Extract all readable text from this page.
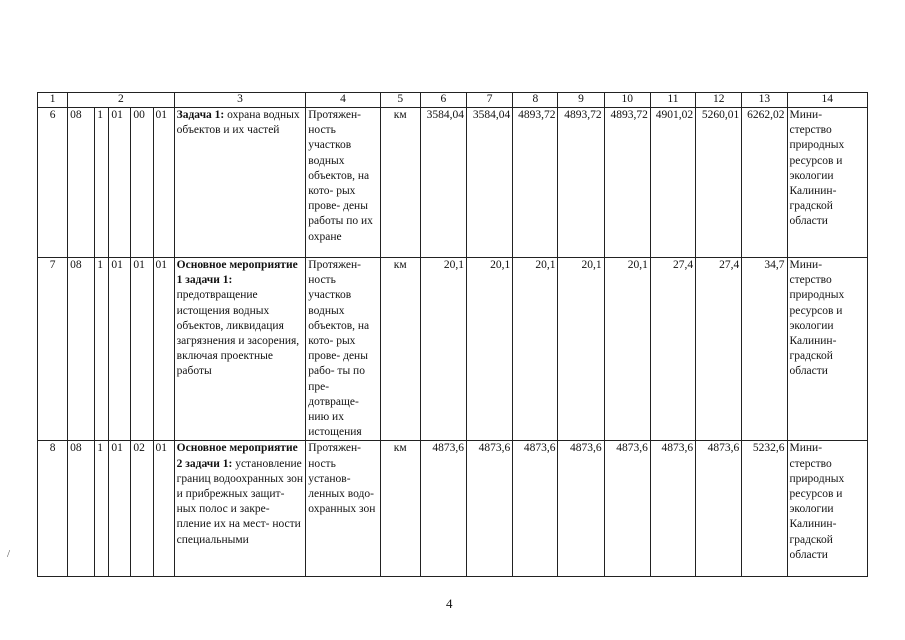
1	2					3	4	5	6	7	8	9	10	11	12	13	14
6	08	1	01	00	01	Задача 1: охрана водных объектов и их частей	Протяжен- ность участков водных объектов, на кото- рых прове- дены работы по их охране	км	3584,04	3584,04	4893,72	4893,72	4893,72	4901,02	5260,01	6262,02	Мини- стерство природных ресурсов и экологии Калинин- градской области
7	08	1	01	01	01	Основное мероприятие 1 задачи 1: предотвращение истощения водных объектов, ликвидация загрязнения и засорения, включая проектные работы	Протяжен- ность участков водных объектов, на кото- рых прове- дены рабо- ты по пре- дотвраще- нию их истощения	км	20,1	20,1	20,1	20,1	20,1	27,4	27,4	34,7	Мини- стерство природных ресурсов и экологии Калинин- градской области
8	08	1	01	02	01	Основное мероприятие 2 задачи 1: установление границ водоохранных зон и прибрежных защит- ных полос и закре- пление их на мест- ности специальными	Протяжен- ность установ- ленных водо- охранных зон	км	4873,6	4873,6	4873,6	4873,6	4873,6	4873,6	4873,6	5232,6	Мини- стерство природных ресурсов и экологии Калинин- градской области
/
4
